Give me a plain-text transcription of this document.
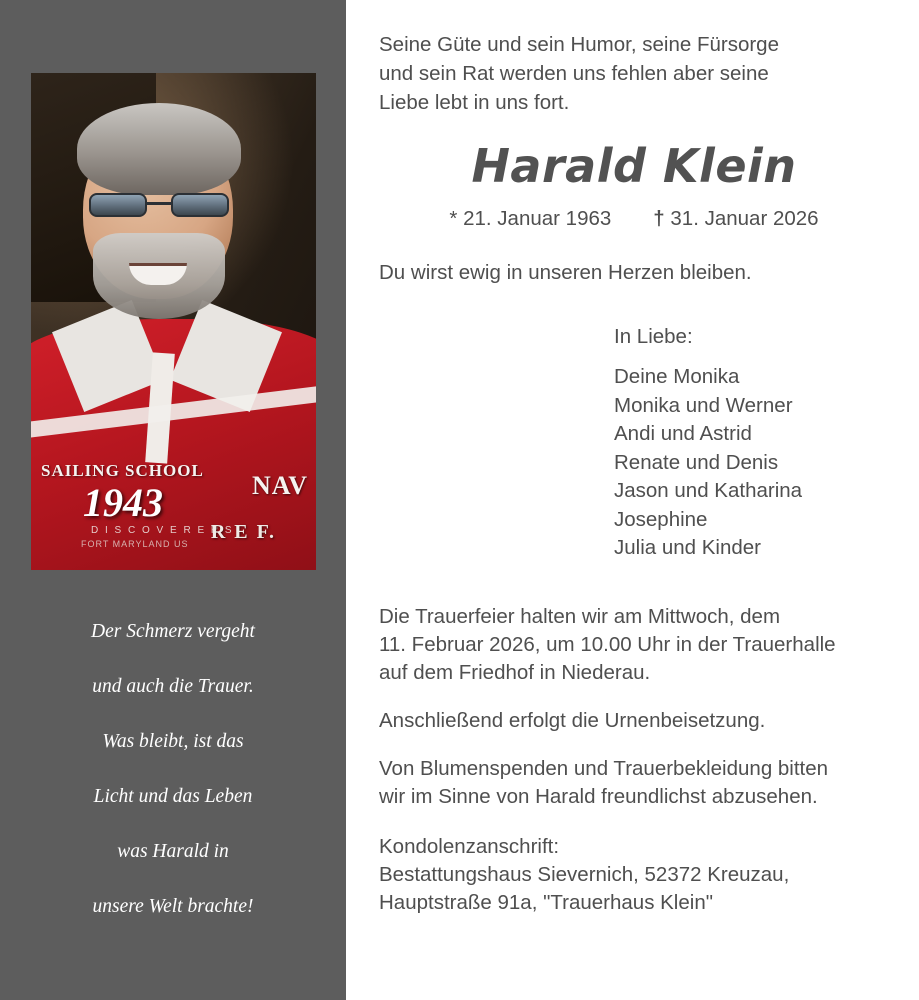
SAILING SCHOOL
1943
D I S C O V E R E R S
FORT MARYLAND US
NAV
R E F.
Der Schmerz vergeht
und auch die Trauer.
Was bleibt, ist das
Licht und das Leben
was Harald in
unsere Welt brachte!
Seine Güte und sein Humor, seine Fürsorge
und sein Rat werden uns fehlen aber seine
Liebe lebt in uns fort.
Harald Klein
* 21. Januar 1963 † 31. Januar 2026
Du wirst ewig in unseren Herzen bleiben.
In Liebe:
Deine Monika
Monika und Werner
Andi und Astrid
Renate und Denis
Jason und Katharina
Josephine
Julia und Kinder
Die Trauerfeier halten wir am Mittwoch, dem
11. Februar 2026, um 10.00 Uhr in der Trauerhalle
auf dem Friedhof in Niederau.
Anschließend erfolgt die Urnenbeisetzung.
Von Blumenspenden und Trauerbekleidung bitten
wir im Sinne von Harald freundlichst abzusehen.
Kondolenzanschrift:
Bestattungshaus Sievernich, 52372 Kreuzau,
Hauptstraße 91a, "Trauerhaus Klein"
